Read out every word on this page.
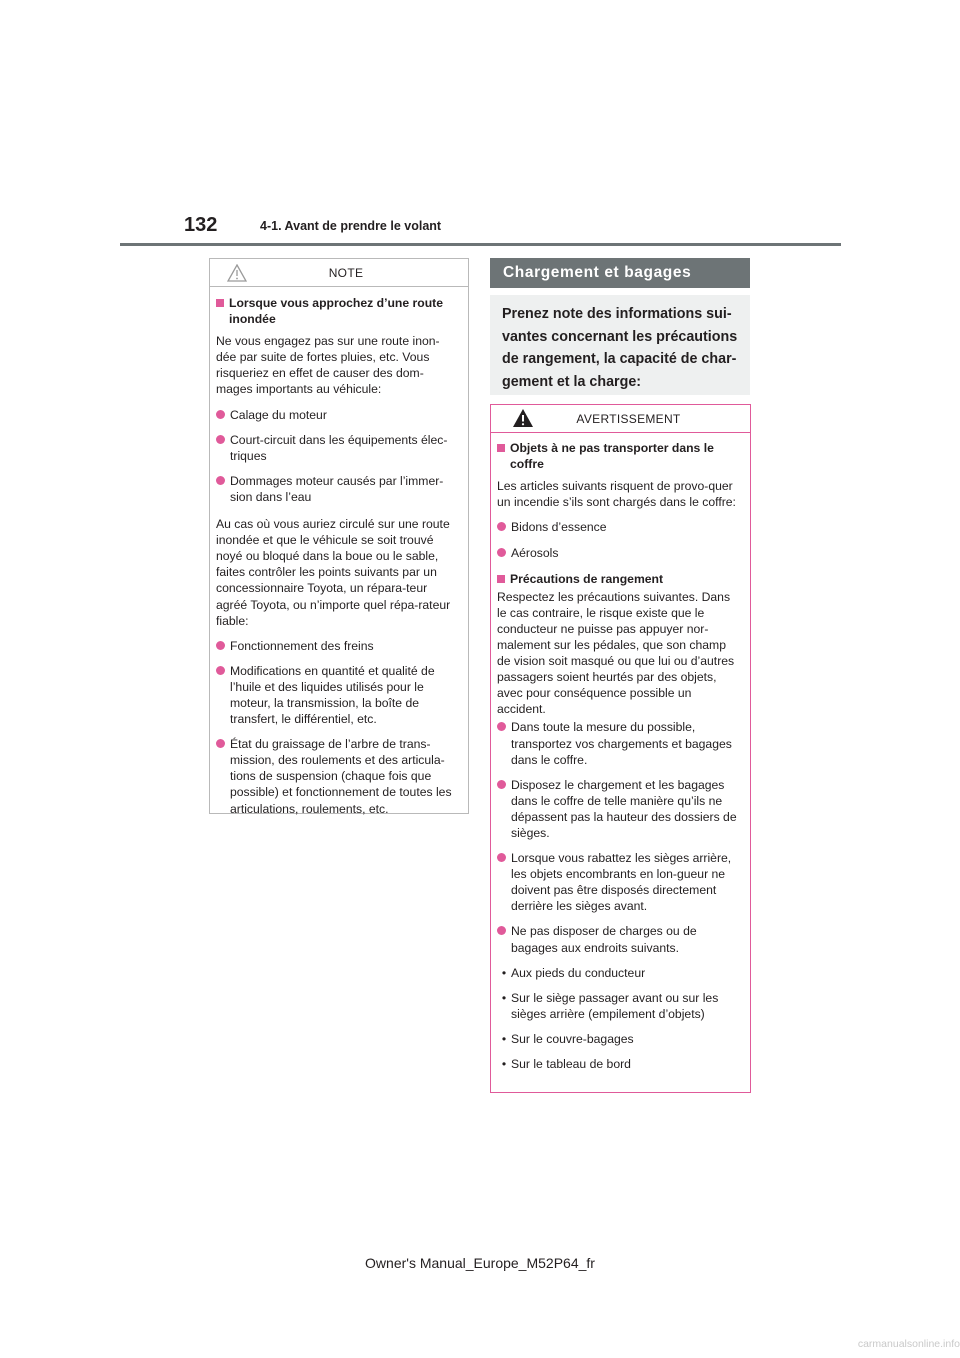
132	4-1. Avant de prendre le volant
NOTE
Lorsque vous approchez d’une route inondée

Ne vous engagez pas sur une route inon-dée par suite de fortes pluies, etc. Vous risqueriez en effet de causer des dom-mages importants au véhicule:

Calage du moteur
Court-circuit dans les équipements élec-triques
Dommages moteur causés par l’immer-sion dans l’eau

Au cas où vous auriez circulé sur une route inondée et que le véhicule se soit trouvé noyé ou bloqué dans la boue ou le sable, faites contrôler les points suivants par un concessionnaire Toyota, un répara-teur agréé Toyota, ou n’importe quel répa-rateur fiable:

Fonctionnement des freins
Modifications en quantité et qualité de l’huile et des liquides utilisés pour le moteur, la transmission, la boîte de transfert, le différentiel, etc.
État du graissage de l’arbre de trans-mission, des roulements et des articula-tions de suspension (chaque fois que possible) et fonctionnement de toutes les articulations, roulements, etc.
Chargement et bagages
Prenez note des informations sui-vantes concernant les précautions de rangement, la capacité de char-gement et la charge:
AVERTISSEMENT
Objets à ne pas transporter dans le coffre

Les articles suivants risquent de provo-quer un incendie s’ils sont chargés dans le coffre:

Bidons d’essence
Aérosols
Précautions de rangement

Respectez les précautions suivantes. Dans le cas contraire, le risque existe que le conducteur ne puisse pas appuyer nor-malement sur les pédales, que son champ de vision soit masqué ou que lui ou d’autres passagers soient heurtés par des objets, avec pour conséquence possible un accident.

Dans toute la mesure du possible, transportez vos chargements et bagages dans le coffre.
Disposez le chargement et les bagages dans le coffre de telle manière qu’ils ne dépassent pas la hauteur des dossiers de sièges.
Lorsque vous rabattez les sièges arrière, les objets encombrants en lon-gueur ne doivent pas être disposés directement derrière les sièges avant.
Ne pas disposer de charges ou de bagages aux endroits suivants.
• Aux pieds du conducteur
• Sur le siège passager avant ou sur les sièges arrière (empilement d’objets)
• Sur le couvre-bagages
• Sur le tableau de bord
Owner's Manual_Europe_M52P64_fr
carmanualsonline.info
